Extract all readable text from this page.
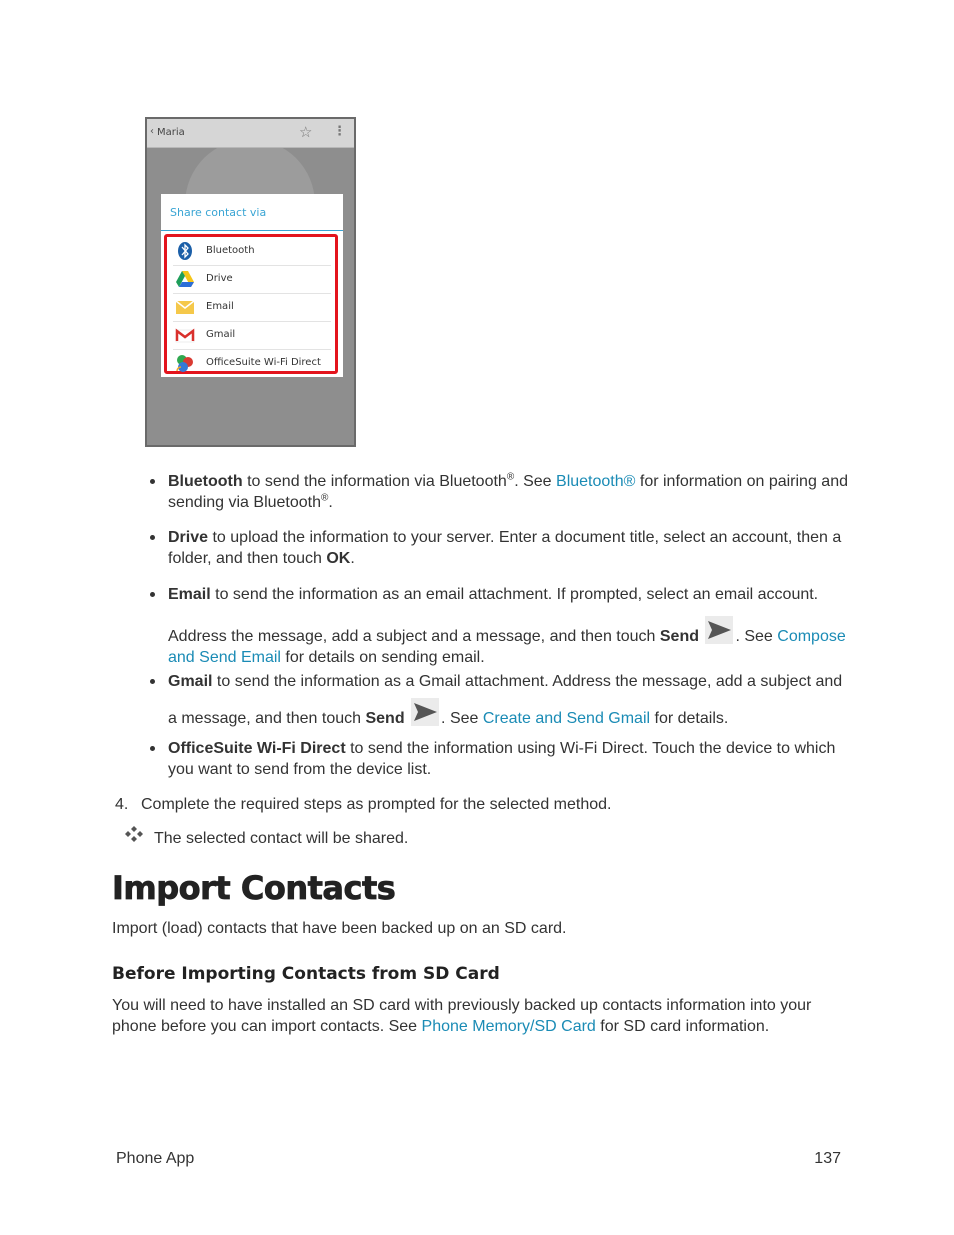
‹ Maria	☆ ⋮
Share contact via
Bluetooth
Drive
Email
Gmail
OfficeSuite Wi-Fi Direct
Bluetooth to send the information via Bluetooth®. See Bluetooth® for information on pairing and sending via Bluetooth®.
Drive to upload the information to your server. Enter a document title, select an account, then a folder, and then touch OK.
Email to send the information as an email attachment. If prompted, select an email account.
Address the message, add a subject and a message, and then touch Send . See Compose and Send Email for details on sending email.
Gmail to send the information as a Gmail attachment. Address the message, add a subject and a message, and then touch Send . See Create and Send Gmail for details.
OfficeSuite Wi-Fi Direct to send the information using Wi-Fi Direct. Touch the device to which you want to send from the device list.
4. Complete the required steps as prompted for the selected method.
The selected contact will be shared.
Import Contacts
Import (load) contacts that have been backed up on an SD card.
Before Importing Contacts from SD Card
You will need to have installed an SD card with previously backed up contacts information into your phone before you can import contacts. See Phone Memory/SD Card for SD card information.
Phone App	137
